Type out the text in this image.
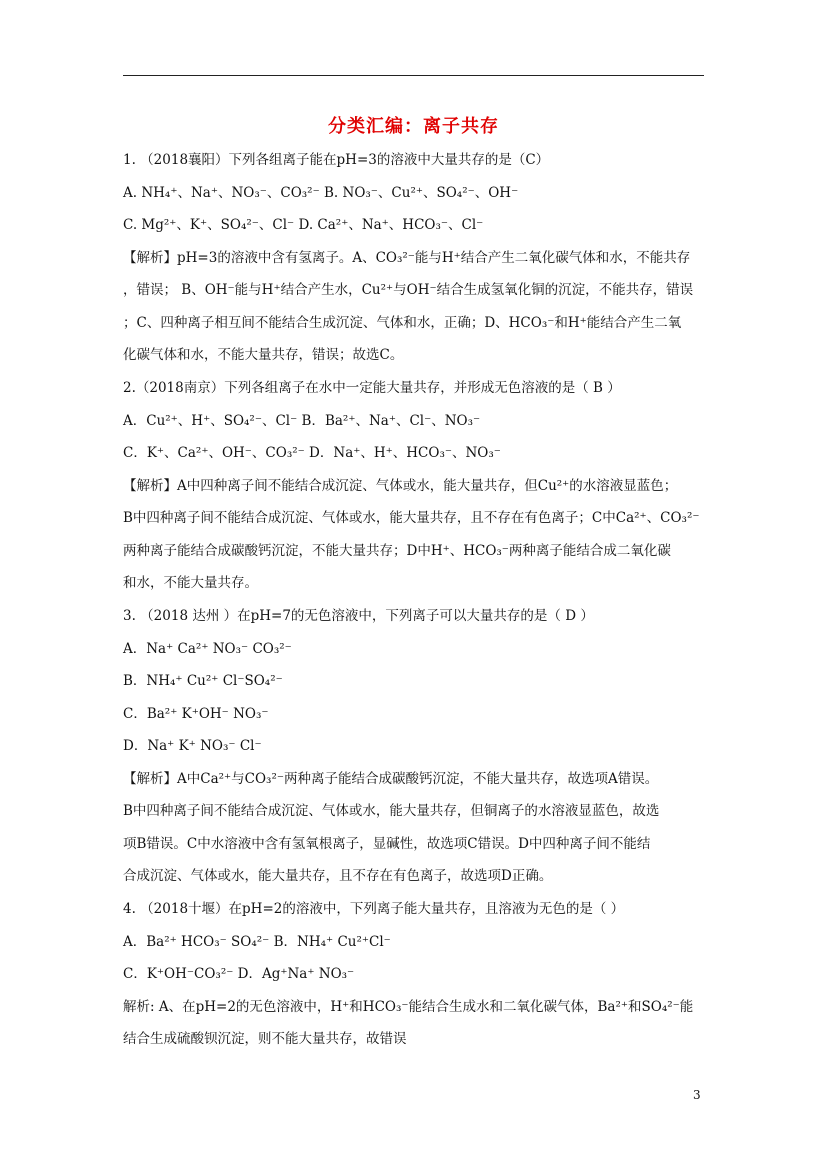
分类汇编：离子共存
1. （2018襄阳）下列各组离子能在pH=3的溶液中大量共存的是（C）
A. NH₄⁺、Na⁺、NO₃⁻、CO₃²⁻ B. NO₃⁻、Cu²⁺、SO₄²⁻、OH⁻
C. Mg²⁺、K⁺、SO₄²⁻、Cl⁻ D. Ca²⁺、Na⁺、HCO₃⁻、Cl⁻
【解析】pH=3的溶液中含有氢离子。A、CO₃²⁻能与H⁺结合产生二氧化碳气体和水，不能共存
，错误； B、OH⁻能与H⁺结合产生水，Cu²⁺与OH⁻结合生成氢氧化铜的沉淀，不能共存，错误
；C、四种离子相互间不能结合生成沉淀、气体和水，正确；D、HCO₃⁻和H⁺能结合产生二氧
化碳气体和水，不能大量共存，错误；故选C。
2.（2018南京）下列各组离子在水中一定能大量共存，并形成无色溶液的是（ B ）
A．Cu²⁺、H⁺、SO₄²⁻、Cl⁻ B．Ba²⁺、Na⁺、Cl⁻、NO₃⁻
C．K⁺、Ca²⁺、OH⁻、CO₃²⁻ D．Na⁺、H⁺、HCO₃⁻、NO₃⁻
【解析】A中四种离子间不能结合成沉淀、气体或水，能大量共存，但Cu²⁺的水溶液显蓝色；
B中四种离子间不能结合成沉淀、气体或水，能大量共存，且不存在有色离子；C中Ca²⁺、CO₃²⁻
两种离子能结合成碳酸钙沉淀，不能大量共存；D中H⁺、HCO₃⁻两种离子能结合成二氧化碳
和水，不能大量共存。
3. （2018 达州 ）在pH=7的无色溶液中，下列离子可以大量共存的是（ D ）
A．Na⁺ Ca²⁺ NO₃⁻ CO₃²⁻
B．NH₄⁺ Cu²⁺ Cl⁻SO₄²⁻
C．Ba²⁺ K⁺OH⁻ NO₃⁻
D．Na⁺ K⁺ NO₃⁻ Cl⁻
【解析】A中Ca²⁺与CO₃²⁻两种离子能结合成碳酸钙沉淀，不能大量共存，故选项A错误。
B中四种离子间不能结合成沉淀、气体或水，能大量共存，但铜离子的水溶液显蓝色，故选
项B错误。C中水溶液中含有氢氧根离子，显碱性，故选项C错误。D中四种离子间不能结
合成沉淀、气体或水，能大量共存，且不存在有色离子，故选项D正确。
4. （2018十堰）在pH=2的溶液中，下列离子能大量共存，且溶液为无色的是（ ）
A．Ba²⁺ HCO₃⁻ SO₄²⁻ B．NH₄⁺ Cu²⁺Cl⁻
C．K⁺OH⁻CO₃²⁻ D．Ag⁺Na⁺ NO₃⁻
解析: A、在pH=2的无色溶液中，H⁺和HCO₃⁻能结合生成水和二氧化碳气体，Ba²⁺和SO₄²⁻能
结合生成硫酸钡沉淀，则不能大量共存，故错误
3
